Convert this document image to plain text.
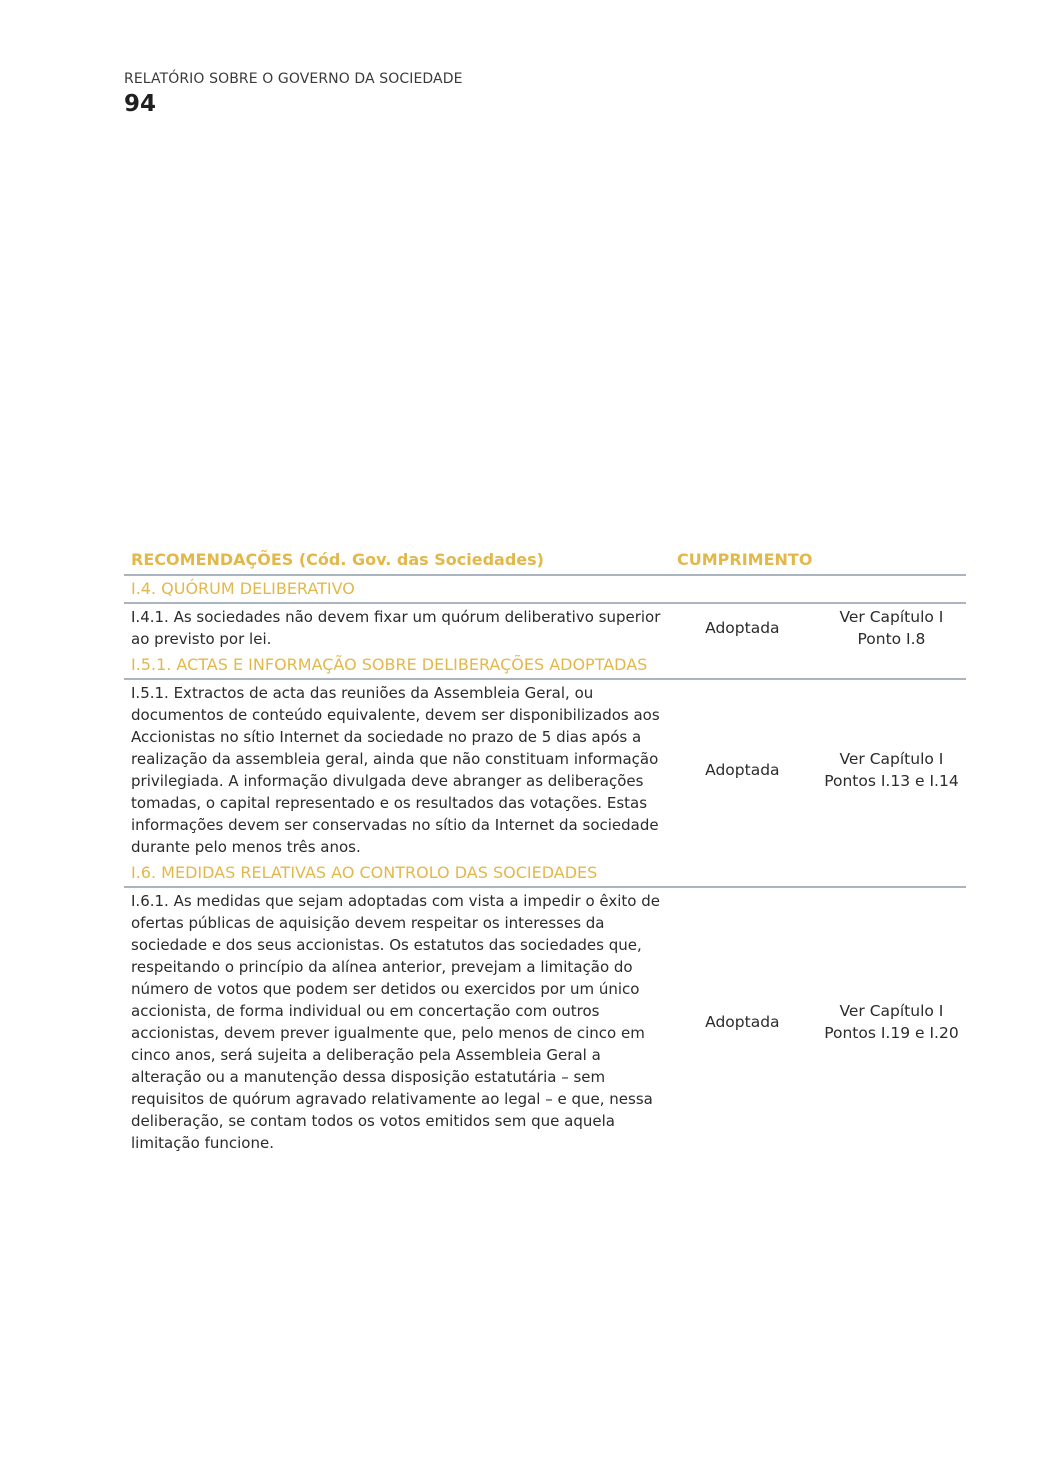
RELATÓRIO SOBRE O GOVERNO DA SOCIEDADE
94
RECOMENDAÇÕES (Cód. Gov. das Sociedades)	CUMPRIMENTO
I.4. QUÓRUM DELIBERATIVO
I.4.1. As sociedades não devem fixar um quórum deliberativo superior ao previsto por lei.
Adoptada
Ver Capítulo I
Ponto I.8
I.5.1. ACTAS E INFORMAÇÃO SOBRE DELIBERAÇÕES ADOPTADAS
I.5.1. Extractos de acta das reuniões da Assembleia Geral, ou documentos de conteúdo equivalente, devem ser disponibilizados aos Accionistas no sítio Internet da sociedade no prazo de 5 dias após a realização da assembleia geral, ainda que não constituam informação privilegiada. A informação divulgada deve abranger as deliberações tomadas, o capital representado e os resultados das votações. Estas informações devem ser conservadas no sítio da Internet da sociedade durante pelo menos três anos.
Adoptada
Ver Capítulo I
Pontos I.13 e I.14
I.6. MEDIDAS RELATIVAS AO CONTROLO DAS SOCIEDADES
I.6.1. As medidas que sejam adoptadas com vista a impedir o êxito de ofertas públicas de aquisição devem respeitar os interesses da sociedade e dos seus accionistas. Os estatutos das sociedades que, respeitando o princípio da alínea anterior, prevejam a limitação do número de votos que podem ser detidos ou exercidos por um único accionista, de forma individual ou em concertação com outros accionistas, devem prever igualmente que, pelo menos de cinco em cinco anos, será sujeita a deliberação pela Assembleia Geral a alteração ou a manutenção dessa disposição estatutária – sem requisitos de quórum agravado relativamente ao legal – e que, nessa deliberação, se contam todos os votos emitidos sem que aquela limitação funcione.
Adoptada
Ver Capítulo I
Pontos I.19 e I.20
